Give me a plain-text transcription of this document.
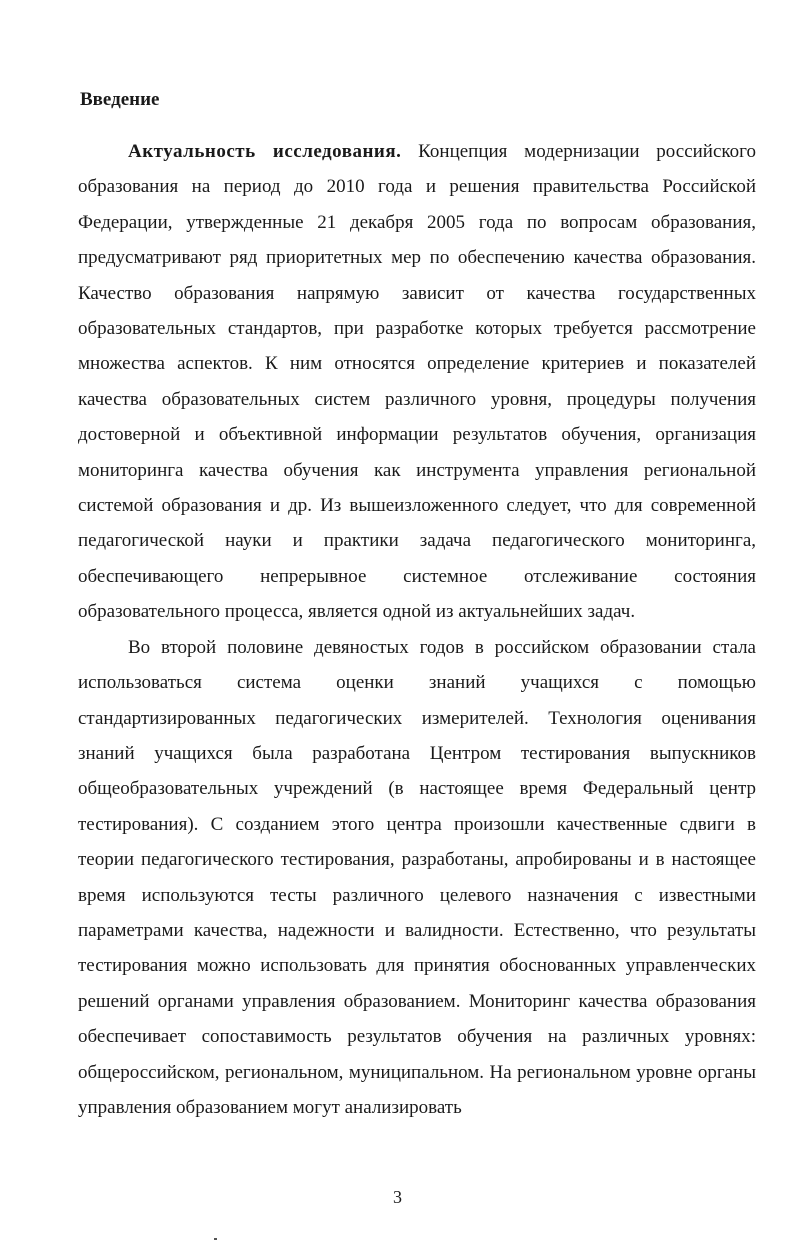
Введение

Актуальность исследования. Концепция модернизации российского образования на период до 2010 года и решения правительства Российской Федерации, утвержденные 21 декабря 2005 года по вопросам образования, предусматривают ряд приоритетных мер по обеспечению качества образования. Качество образования напрямую зависит от качества государственных образовательных стандартов, при разработке которых требуется рассмотрение множества аспектов. К ним относятся определение критериев и показателей качества образовательных систем различного уровня, процедуры получения достоверной и объективной информации результатов обучения, организация мониторинга качества обучения как инструмента управления региональной системой образования и др. Из вышеизложенного следует, что для современной педагогической науки и практики задача педагогического мониторинга, обеспечивающего непрерывное системное отслеживание состояния образовательного процесса, является одной из актуальнейших задач.

Во второй половине девяностых годов в российском образовании стала использоваться система оценки знаний учащихся с помощью стандартизированных педагогических измерителей. Технология оценивания знаний учащихся была разработана Центром тестирования выпускников общеобразовательных учреждений (в настоящее время Федеральный центр тестирования). С созданием этого центра произошли качественные сдвиги в теории педагогического тестирования, разработаны, апробированы и в настоящее время используются тесты различного целевого назначения с известными параметрами качества, надежности и валидности. Естественно, что результаты тестирования можно использовать для принятия обоснованных управленческих решений органами управления образованием. Мониторинг качества образования обеспечивает сопоставимость результатов обучения на различных уровнях: общероссийском, региональном, муниципальном. На региональном уровне органы управления образованием могут анализировать

3
